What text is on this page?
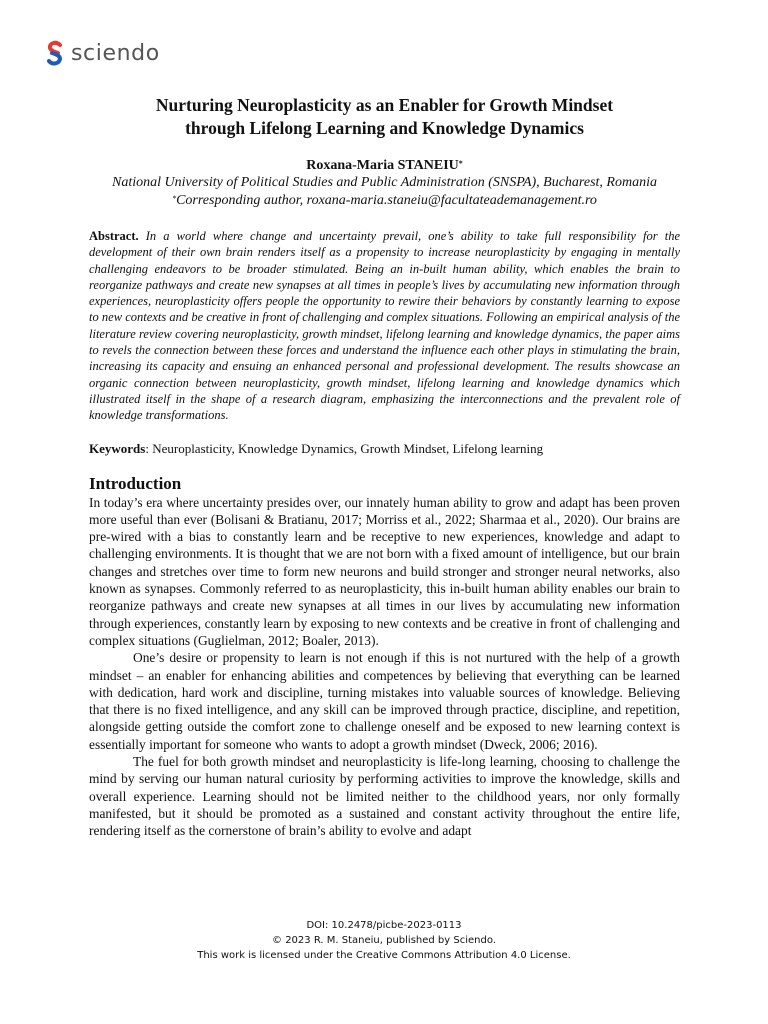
sciendo
Nurturing Neuroplasticity as an Enabler for Growth Mindset
through Lifelong Learning and Knowledge Dynamics
Roxana-Maria STANEIU*
National University of Political Studies and Public Administration (SNSPA), Bucharest, Romania
*Corresponding author, roxana-maria.staneiu@facultateademanagement.ro
Abstract. In a world where change and uncertainty prevail, one’s ability to take full responsibility for the development of their own brain renders itself as a propensity to increase neuroplasticity by engaging in mentally challenging endeavors to be broader stimulated. Being an in-built human ability, which enables the brain to reorganize pathways and create new synapses at all times in people’s lives by accumulating new information through experiences, neuroplasticity offers people the opportunity to rewire their behaviors by constantly learning to expose to new contexts and be creative in front of challenging and complex situations. Following an empirical analysis of the literature review covering neuroplasticity, growth mindset, lifelong learning and knowledge dynamics, the paper aims to revels the connection between these forces and understand the influence each other plays in stimulating the brain, increasing its capacity and ensuing an enhanced personal and professional development. The results showcase an organic connection between neuroplasticity, growth mindset, lifelong learning and knowledge dynamics which illustrated itself in the shape of a research diagram, emphasizing the interconnections and the prevalent role of knowledge transformations.
Keywords: Neuroplasticity, Knowledge Dynamics, Growth Mindset, Lifelong learning
Introduction

In today’s era where uncertainty presides over, our innately human ability to grow and adapt has been proven more useful than ever (Bolisani & Bratianu, 2017; Morriss et al., 2022; Sharmaa et al., 2020). Our brains are pre-wired with a bias to constantly learn and be receptive to new experiences, knowledge and adapt to challenging environments. It is thought that we are not born with a fixed amount of intelligence, but our brain changes and stretches over time to form new neurons and build stronger and stronger neural networks, also known as synapses. Commonly referred to as neuroplasticity, this in-built human ability enables our brain to reorganize pathways and create new synapses at all times in our lives by accumulating new information through experiences, constantly learn by exposing to new contexts and be creative in front of challenging and complex situations (Guglielman, 2012; Boaler, 2013).

One’s desire or propensity to learn is not enough if this is not nurtured with the help of a growth mindset – an enabler for enhancing abilities and competences by believing that everything can be learned with dedication, hard work and discipline, turning mistakes into valuable sources of knowledge. Believing that there is no fixed intelligence, and any skill can be improved through practice, discipline, and repetition, alongside getting outside the comfort zone to challenge oneself and be exposed to new learning context is essentially important for someone who wants to adopt a growth mindset (Dweck, 2006; 2016).

The fuel for both growth mindset and neuroplasticity is life-long learning, choosing to challenge the mind by serving our human natural curiosity by performing activities to improve the knowledge, skills and overall experience. Learning should not be limited neither to the childhood years, nor only formally manifested, but it should be promoted as a sustained and constant activity throughout the entire life, rendering itself as the cornerstone of brain’s ability to evolve and adapt

DOI: 10.2478/picbe-2023-0113
© 2023 R. M. Staneiu, published by Sciendo.
This work is licensed under the Creative Commons Attribution 4.0 License.
